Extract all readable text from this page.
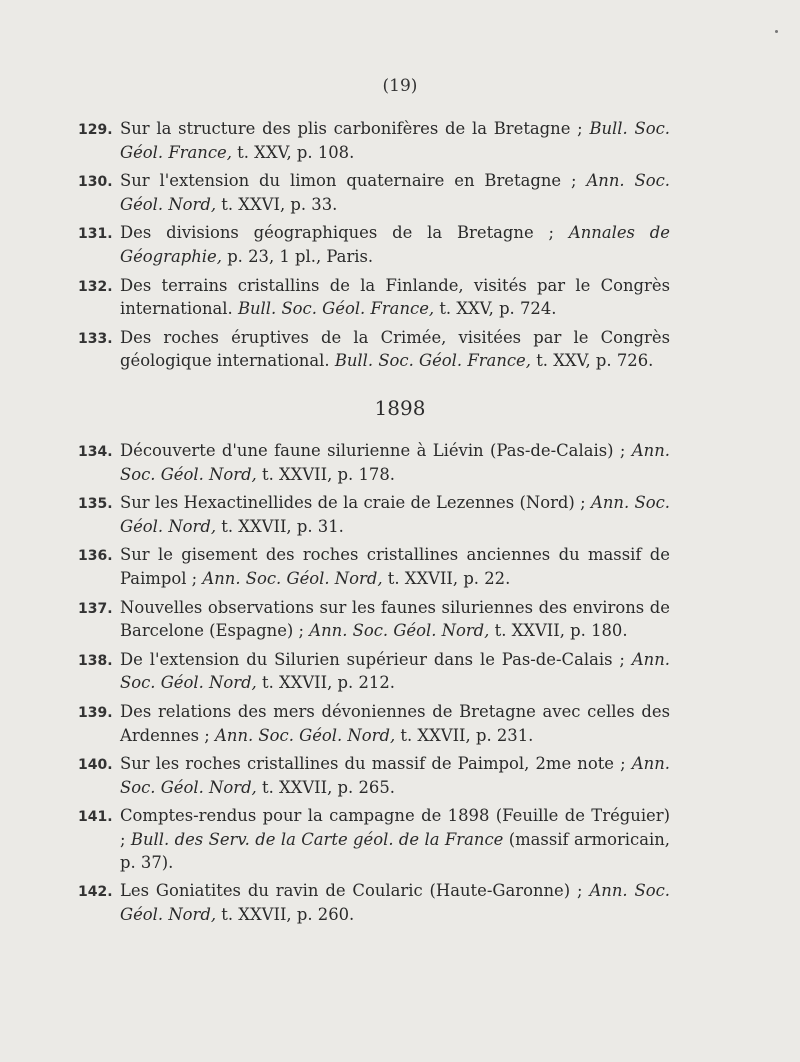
(19)
129. Sur la structure des plis carbonifères de la Bretagne ; Bull. Soc. Géol. France, t. XXV, p. 108.
130. Sur l'extension du limon quaternaire en Bretagne ; Ann. Soc. Géol. Nord, t. XXVI, p. 33.
131. Des divisions géographiques de la Bretagne ; Annales de Géographie, p. 23, 1 pl., Paris.
132. Des terrains cristallins de la Finlande, visités par le Congrès international. Bull. Soc. Géol. France, t. XXV, p. 724.
133. Des roches éruptives de la Crimée, visitées par le Congrès géologique international. Bull. Soc. Géol. France, t. XXV, p. 726.
1898
134. Découverte d'une faune silurienne à Liévin (Pas-de-Calais) ; Ann. Soc. Géol. Nord, t. XXVII, p. 178.
135. Sur les Hexactinellides de la craie de Lezennes (Nord) ; Ann. Soc. Géol. Nord, t. XXVII, p. 31.
136. Sur le gisement des roches cristallines anciennes du massif de Paimpol ; Ann. Soc. Géol. Nord, t. XXVII, p. 22.
137. Nouvelles observations sur les faunes siluriennes des environs de Barcelone (Espagne) ; Ann. Soc. Géol. Nord, t. XXVII, p. 180.
138. De l'extension du Silurien supérieur dans le Pas-de-Calais ; Ann. Soc. Géol. Nord, t. XXVII, p. 212.
139. Des relations des mers dévoniennes de Bretagne avec celles des Ardennes ; Ann. Soc. Géol. Nord, t. XXVII, p. 231.
140. Sur les roches cristallines du massif de Paimpol, 2me note ; Ann. Soc. Géol. Nord, t. XXVII, p. 265.
141. Comptes-rendus pour la campagne de 1898 (Feuille de Tréguier) ; Bull. des Serv. de la Carte géol. de la France (massif armoricain, p. 37).
142. Les Goniatites du ravin de Coularic (Haute-Garonne) ; Ann. Soc. Géol. Nord, t. XXVII, p. 260.
